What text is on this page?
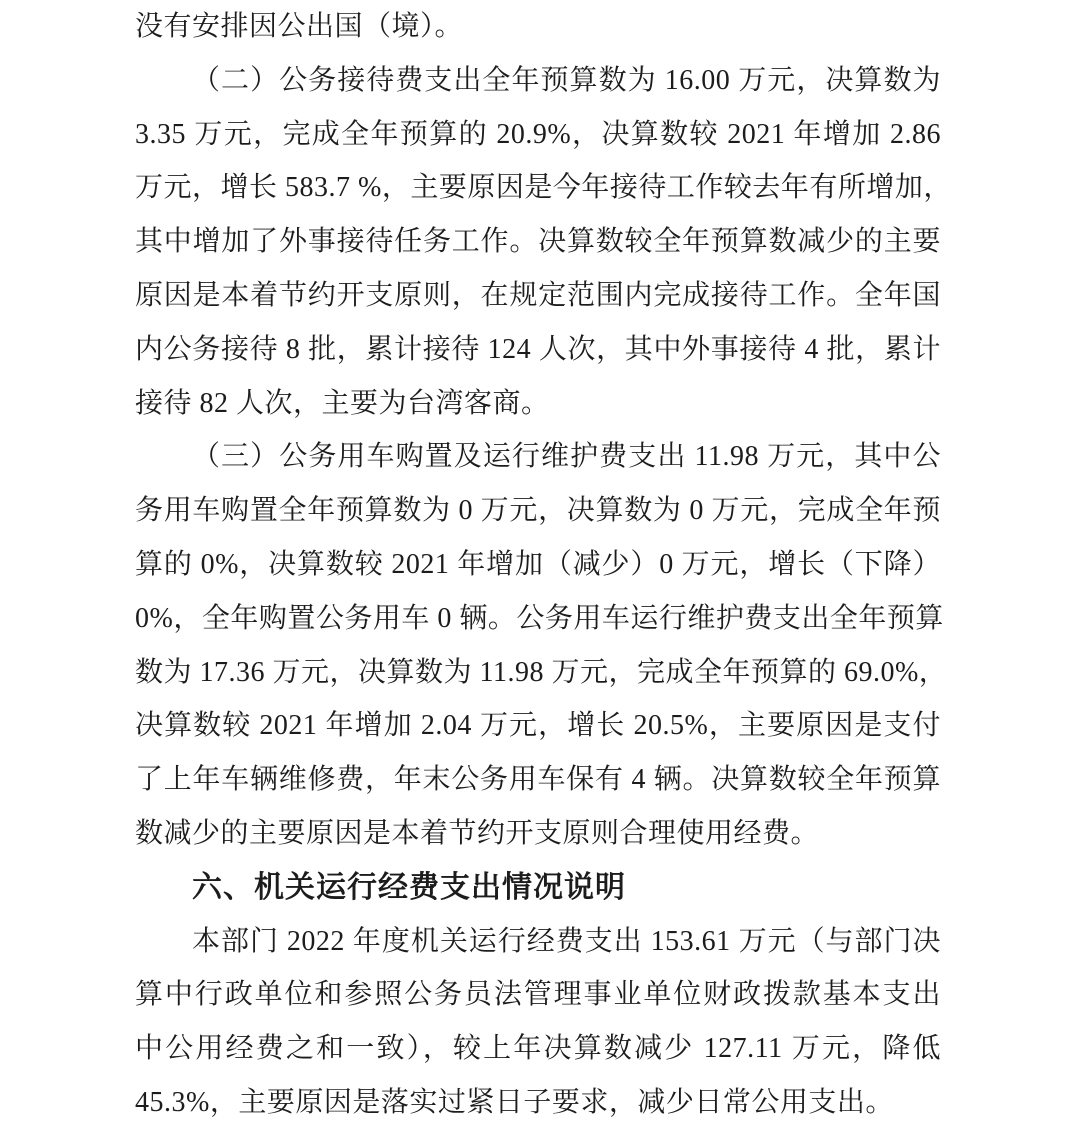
没有安排因公出国（境）。
（二）公务接待费支出全年预算数为 16.00 万元，决算数为
3.35 万元，完成全年预算的 20.9%，决算数较 2021 年增加 2.86
万元，增长 583.7 %，主要原因是今年接待工作较去年有所增加，
其中增加了外事接待任务工作。决算数较全年预算数减少的主要
原因是本着节约开支原则，在规定范围内完成接待工作。全年国
内公务接待 8 批，累计接待 124 人次，其中外事接待 4 批，累计
接待 82 人次，主要为台湾客商。
（三）公务用车购置及运行维护费支出 11.98 万元，其中公
务用车购置全年预算数为 0 万元，决算数为 0 万元，完成全年预
算的 0%，决算数较 2021 年增加（减少）0 万元，增长（下降）
0%，全年购置公务用车 0 辆。公务用车运行维护费支出全年预算
数为 17.36 万元，决算数为 11.98 万元，完成全年预算的 69.0%，
决算数较 2021 年增加 2.04 万元，增长 20.5%，主要原因是支付
了上年车辆维修费，年末公务用车保有 4 辆。决算数较全年预算
数减少的主要原因是本着节约开支原则合理使用经费。
六、机关运行经费支出情况说明
本部门 2022 年度机关运行经费支出 153.61 万元（与部门决
算中行政单位和参照公务员法管理事业单位财政拨款基本支出
中公用经费之和一致），较上年决算数减少 127.11 万元，降低
45.3%，主要原因是落实过紧日子要求，减少日常公用支出。
